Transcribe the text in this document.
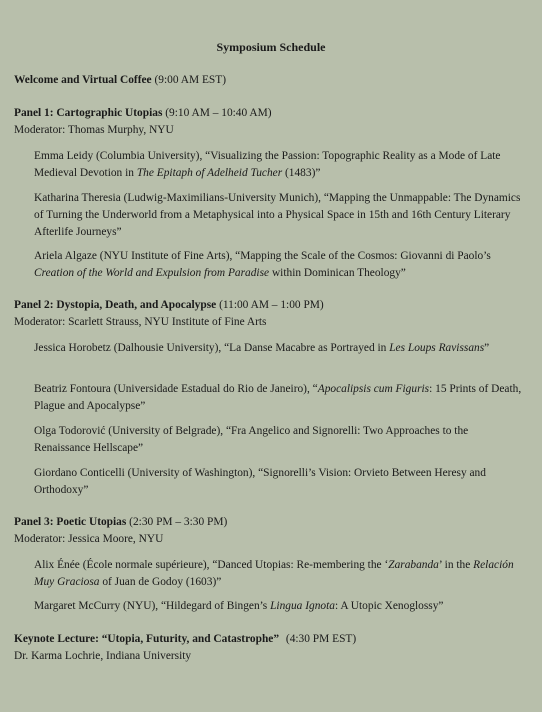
Symposium Schedule
Welcome and Virtual Coffee (9:00 AM EST)
Panel 1: Cartographic Utopias (9:10 AM – 10:40 AM)
Moderator: Thomas Murphy, NYU
Emma Leidy (Columbia University), “Visualizing the Passion: Topographic Reality as a Mode of Late Medieval Devotion in The Epitaph of Adelheid Tucher (1483)”
Katharina Theresia (Ludwig-Maximilians-University Munich), “Mapping the Unmappable: The Dynamics of Turning the Underworld from a Metaphysical into a Physical Space in 15th and 16th Century Literary Afterlife Journeys”
Ariela Algaze (NYU Institute of Fine Arts), “Mapping the Scale of the Cosmos: Giovanni di Paolo’s Creation of the World and Expulsion from Paradise within Dominican Theology”
Panel 2: Dystopia, Death, and Apocalypse (11:00 AM – 1:00 PM)
Moderator: Scarlett Strauss, NYU Institute of Fine Arts
Jessica Horobetz (Dalhousie University), “La Danse Macabre as Portrayed in Les Loups Ravissans”
Beatriz Fontoura (Universidade Estadual do Rio de Janeiro), “Apocalipsis cum Figuris: 15 Prints of Death, Plague and Apocalypse”
Olga Todorović (University of Belgrade), “Fra Angelico and Signorelli: Two Approaches to the Renaissance Hellscape”
Giordano Conticelli (University of Washington), “Signorelli’s Vision: Orvieto Between Heresy and Orthodoxy”
Panel 3: Poetic Utopias (2:30 PM – 3:30 PM)
Moderator: Jessica Moore, NYU
Alix Énée (École normale supérieure), “Danced Utopias: Re-membering the ‘Zarabanda’ in the Relación Muy Graciosa of Juan de Godoy (1603)”
Margaret McCurry (NYU), “Hildegard of Bingen’s Lingua Ignota: A Utopic Xenoglossy”
Keynote Lecture: “Utopia, Futurity, and Catastrophe” (4:30 PM EST)
Dr. Karma Lochrie, Indiana University
